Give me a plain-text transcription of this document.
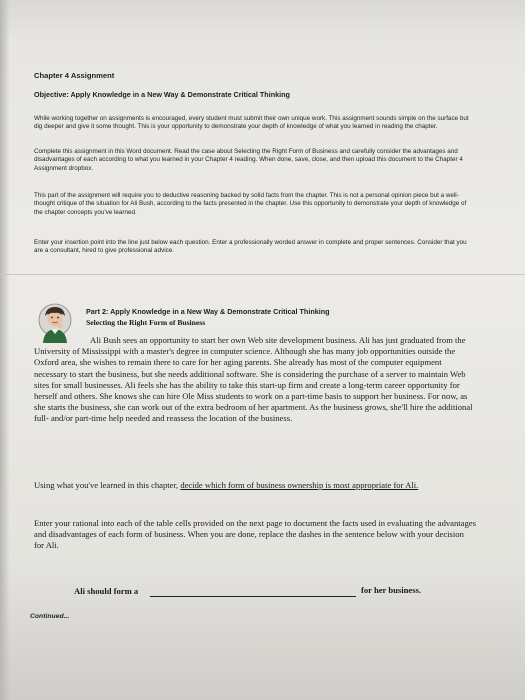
Chapter 4 Assignment
Objective: Apply Knowledge in a New Way & Demonstrate Critical Thinking
While working together on assignments is encouraged, every student must submit their own unique work. This assignment sounds simple on the surface but dig deeper and give it some thought. This is your opportunity to demonstrate your depth of knowledge of what you learned in reading the chapter.
Complete this assignment in this Word document. Read the case about Selecting the Right Form of Business and carefully consider the advantages and disadvantages of each according to what you learned in your Chapter 4 reading. When done, save, close, and then upload this document to the Chapter 4 Assignment dropbox.
This part of the assignment will require you to deductive reasoning backed by solid facts from the chapter. This is not a personal opinion piece but a well-thought critique of the situation for Ali Bush, according to the facts presented in the chapter. Use this opportunity to demonstrate your depth of knowledge of the chapter concepts you've learned.
Enter your insertion point into the line just below each question. Enter a professionally worded answer in complete and proper sentences. Consider that you are a consultant, hired to give professional advice.
Part 2: Apply Knowledge in a New Way & Demonstrate Critical Thinking
Selecting the Right Form of Business
Ali Bush sees an opportunity to start her own Web site development business. Ali has just graduated from the University of Mississippi with a master's degree in computer science. Although she has many job opportunities outside the Oxford area, she wishes to remain there to care for her aging parents. She already has most of the computer equipment necessary to start the business, but she needs additional software. She is considering the purchase of a server to maintain Web sites for small businesses. Ali feels she has the ability to take this start-up firm and create a long-term career opportunity for herself and others. She knows she can hire Ole Miss students to work on a part-time basis to support her business. For now, as she starts the business, she can work out of the extra bedroom of her apartment. As the business grows, she'll hire the additional full- and/or part-time help needed and reassess the location of the business.
Using what you've learned in this chapter, decide which form of business ownership is most appropriate for Ali.
Enter your rational into each of the table cells provided on the next page to document the facts used in evaluating the advantages and disadvantages of each form of business. When you are done, replace the dashes in the sentence below with your decision for Ali.
Ali should form a	for her business.
Continued...
